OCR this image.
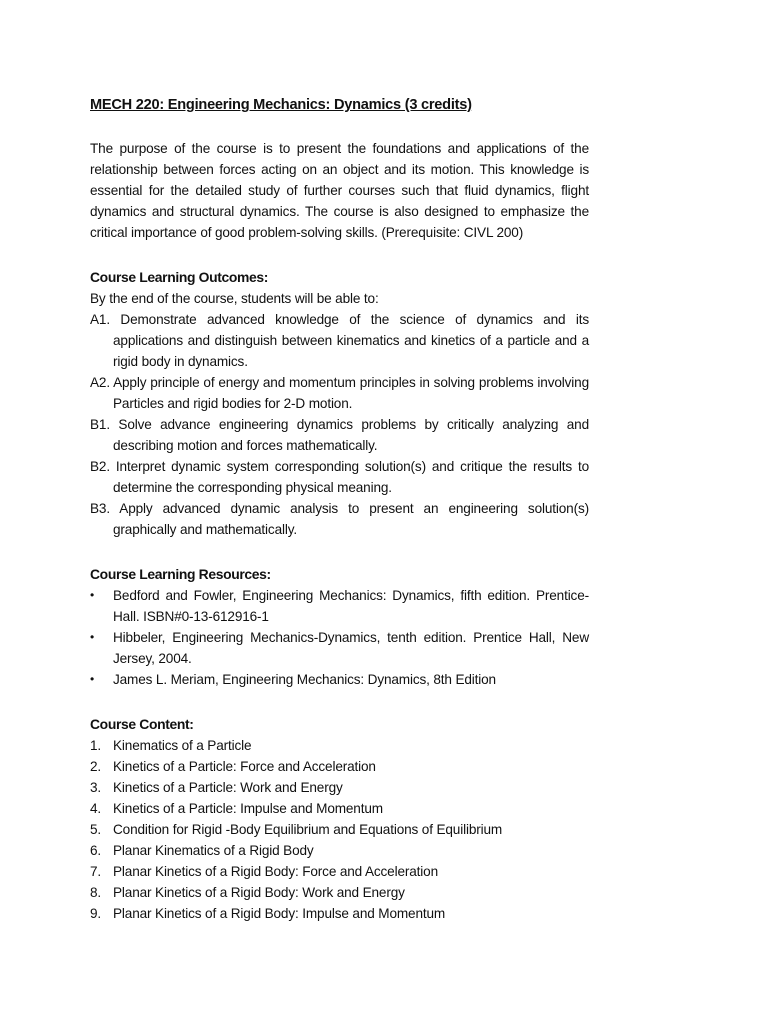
MECH 220: Engineering Mechanics: Dynamics (3 credits)

The purpose of the course is to present the foundations and applications of the relationship between forces acting on an object and its motion. This knowledge is essential for the detailed study of further courses such that fluid dynamics, flight dynamics and structural dynamics. The course is also designed to emphasize the critical importance of good problem-solving skills. (Prerequisite: CIVL 200)

Course Learning Outcomes:

By the end of the course, students will be able to:

A1. Demonstrate advanced knowledge of the science of dynamics and its applications and distinguish between kinematics and kinetics of a particle and a rigid body in dynamics.

A2. Apply principle of energy and momentum principles in solving problems involving Particles and rigid bodies for 2-D motion.

B1. Solve advance engineering dynamics problems by critically analyzing and describing motion and forces mathematically.

B2. Interpret dynamic system corresponding solution(s) and critique the results to determine the corresponding physical meaning.

B3. Apply advanced dynamic analysis to present an engineering solution(s) graphically and mathematically.

Course Learning Resources:
• Bedford and Fowler, Engineering Mechanics: Dynamics, fifth edition. Prentice-Hall. ISBN#0-13-612916-1
• Hibbeler, Engineering Mechanics-Dynamics, tenth edition. Prentice Hall, New Jersey, 2004.
• James L. Meriam, Engineering Mechanics: Dynamics, 8th Edition
Course Content:
1. Kinematics of a Particle
2. Kinetics of a Particle: Force and Acceleration
3. Kinetics of a Particle: Work and Energy
4. Kinetics of a Particle: Impulse and Momentum
5. Condition for Rigid -Body Equilibrium and Equations of Equilibrium
6. Planar Kinematics of a Rigid Body
7. Planar Kinetics of a Rigid Body: Force and Acceleration
8. Planar Kinetics of a Rigid Body: Work and Energy
9. Planar Kinetics of a Rigid Body: Impulse and Momentum
